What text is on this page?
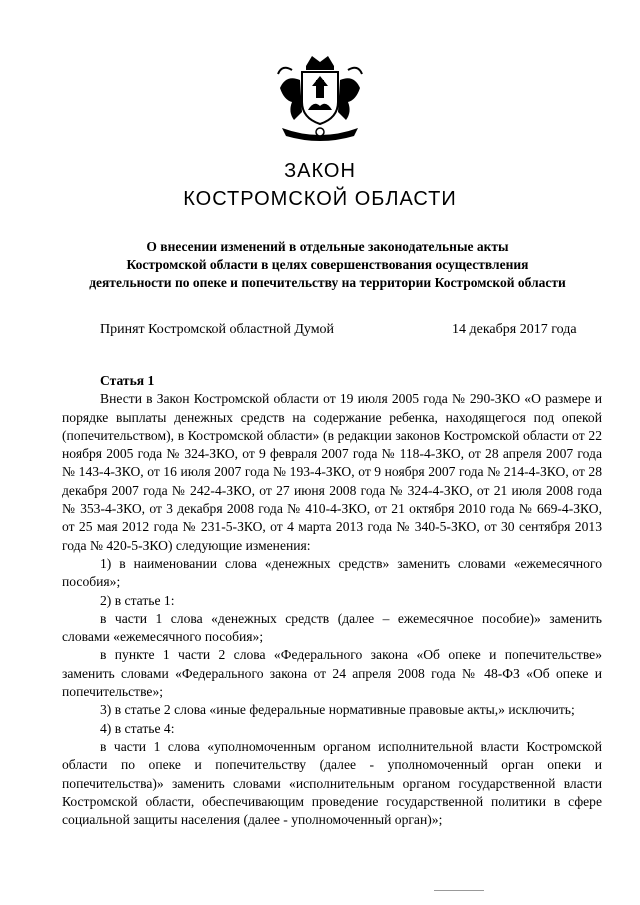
ЗАКОН
КОСТРОМСКОЙ ОБЛАСТИ
О внесении изменений в отдельные законодательные акты
Костромской области в целях совершенствования осуществления
деятельности по опеке и попечительству на территории Костромской области
Принят Костромской областной Думой	14 декабря 2017 года
Статья 1

Внести в Закон Костромской области от 19 июля 2005 года № 290-ЗКО «О размере и порядке выплаты денежных средств на содержание ребенка, находящегося под опекой (попечительством), в Костромской области» (в редакции законов Костромской области от 22 ноября 2005 года № 324-ЗКО, от 9 февраля 2007 года № 118-4-ЗКО, от 28 апреля 2007 года № 143-4-ЗКО, от 16 июля 2007 года № 193-4-ЗКО, от 9 ноября 2007 года № 214-4-ЗКО, от 28 декабря 2007 года № 242-4-ЗКО, от 27 июня 2008 года № 324-4-ЗКО, от 21 июля 2008 года № 353-4-ЗКО, от 3 декабря 2008 года № 410-4-ЗКО, от 21 октября 2010 года № 669-4-ЗКО, от 25 мая 2012 года № 231-5-ЗКО, от 4 марта 2013 года № 340-5-ЗКО, от 30 сентября 2013 года № 420-5-ЗКО) следующие изменения:

1) в наименовании слова «денежных средств» заменить словами «ежемесячного пособия»;

2) в статье 1:

в части 1 слова «денежных средств (далее – ежемесячное пособие)» заменить словами «ежемесячного пособия»;

в пункте 1 части 2 слова «Федерального закона «Об опеке и попечительстве» заменить словами «Федерального закона от 24 апреля 2008 года № 48-ФЗ «Об опеке и попечительстве»;

3) в статье 2 слова «иные федеральные нормативные правовые акты,» исключить;

4) в статье 4:

в части 1 слова «уполномоченным органом исполнительной власти Костромской области по опеке и попечительству (далее - уполномоченный орган опеки и попечительства)» заменить словами «исполнительным органом государственной власти Костромской области, обеспечивающим проведение государственной политики в сфере социальной защиты населения (далее - уполномоченный орган)»;
